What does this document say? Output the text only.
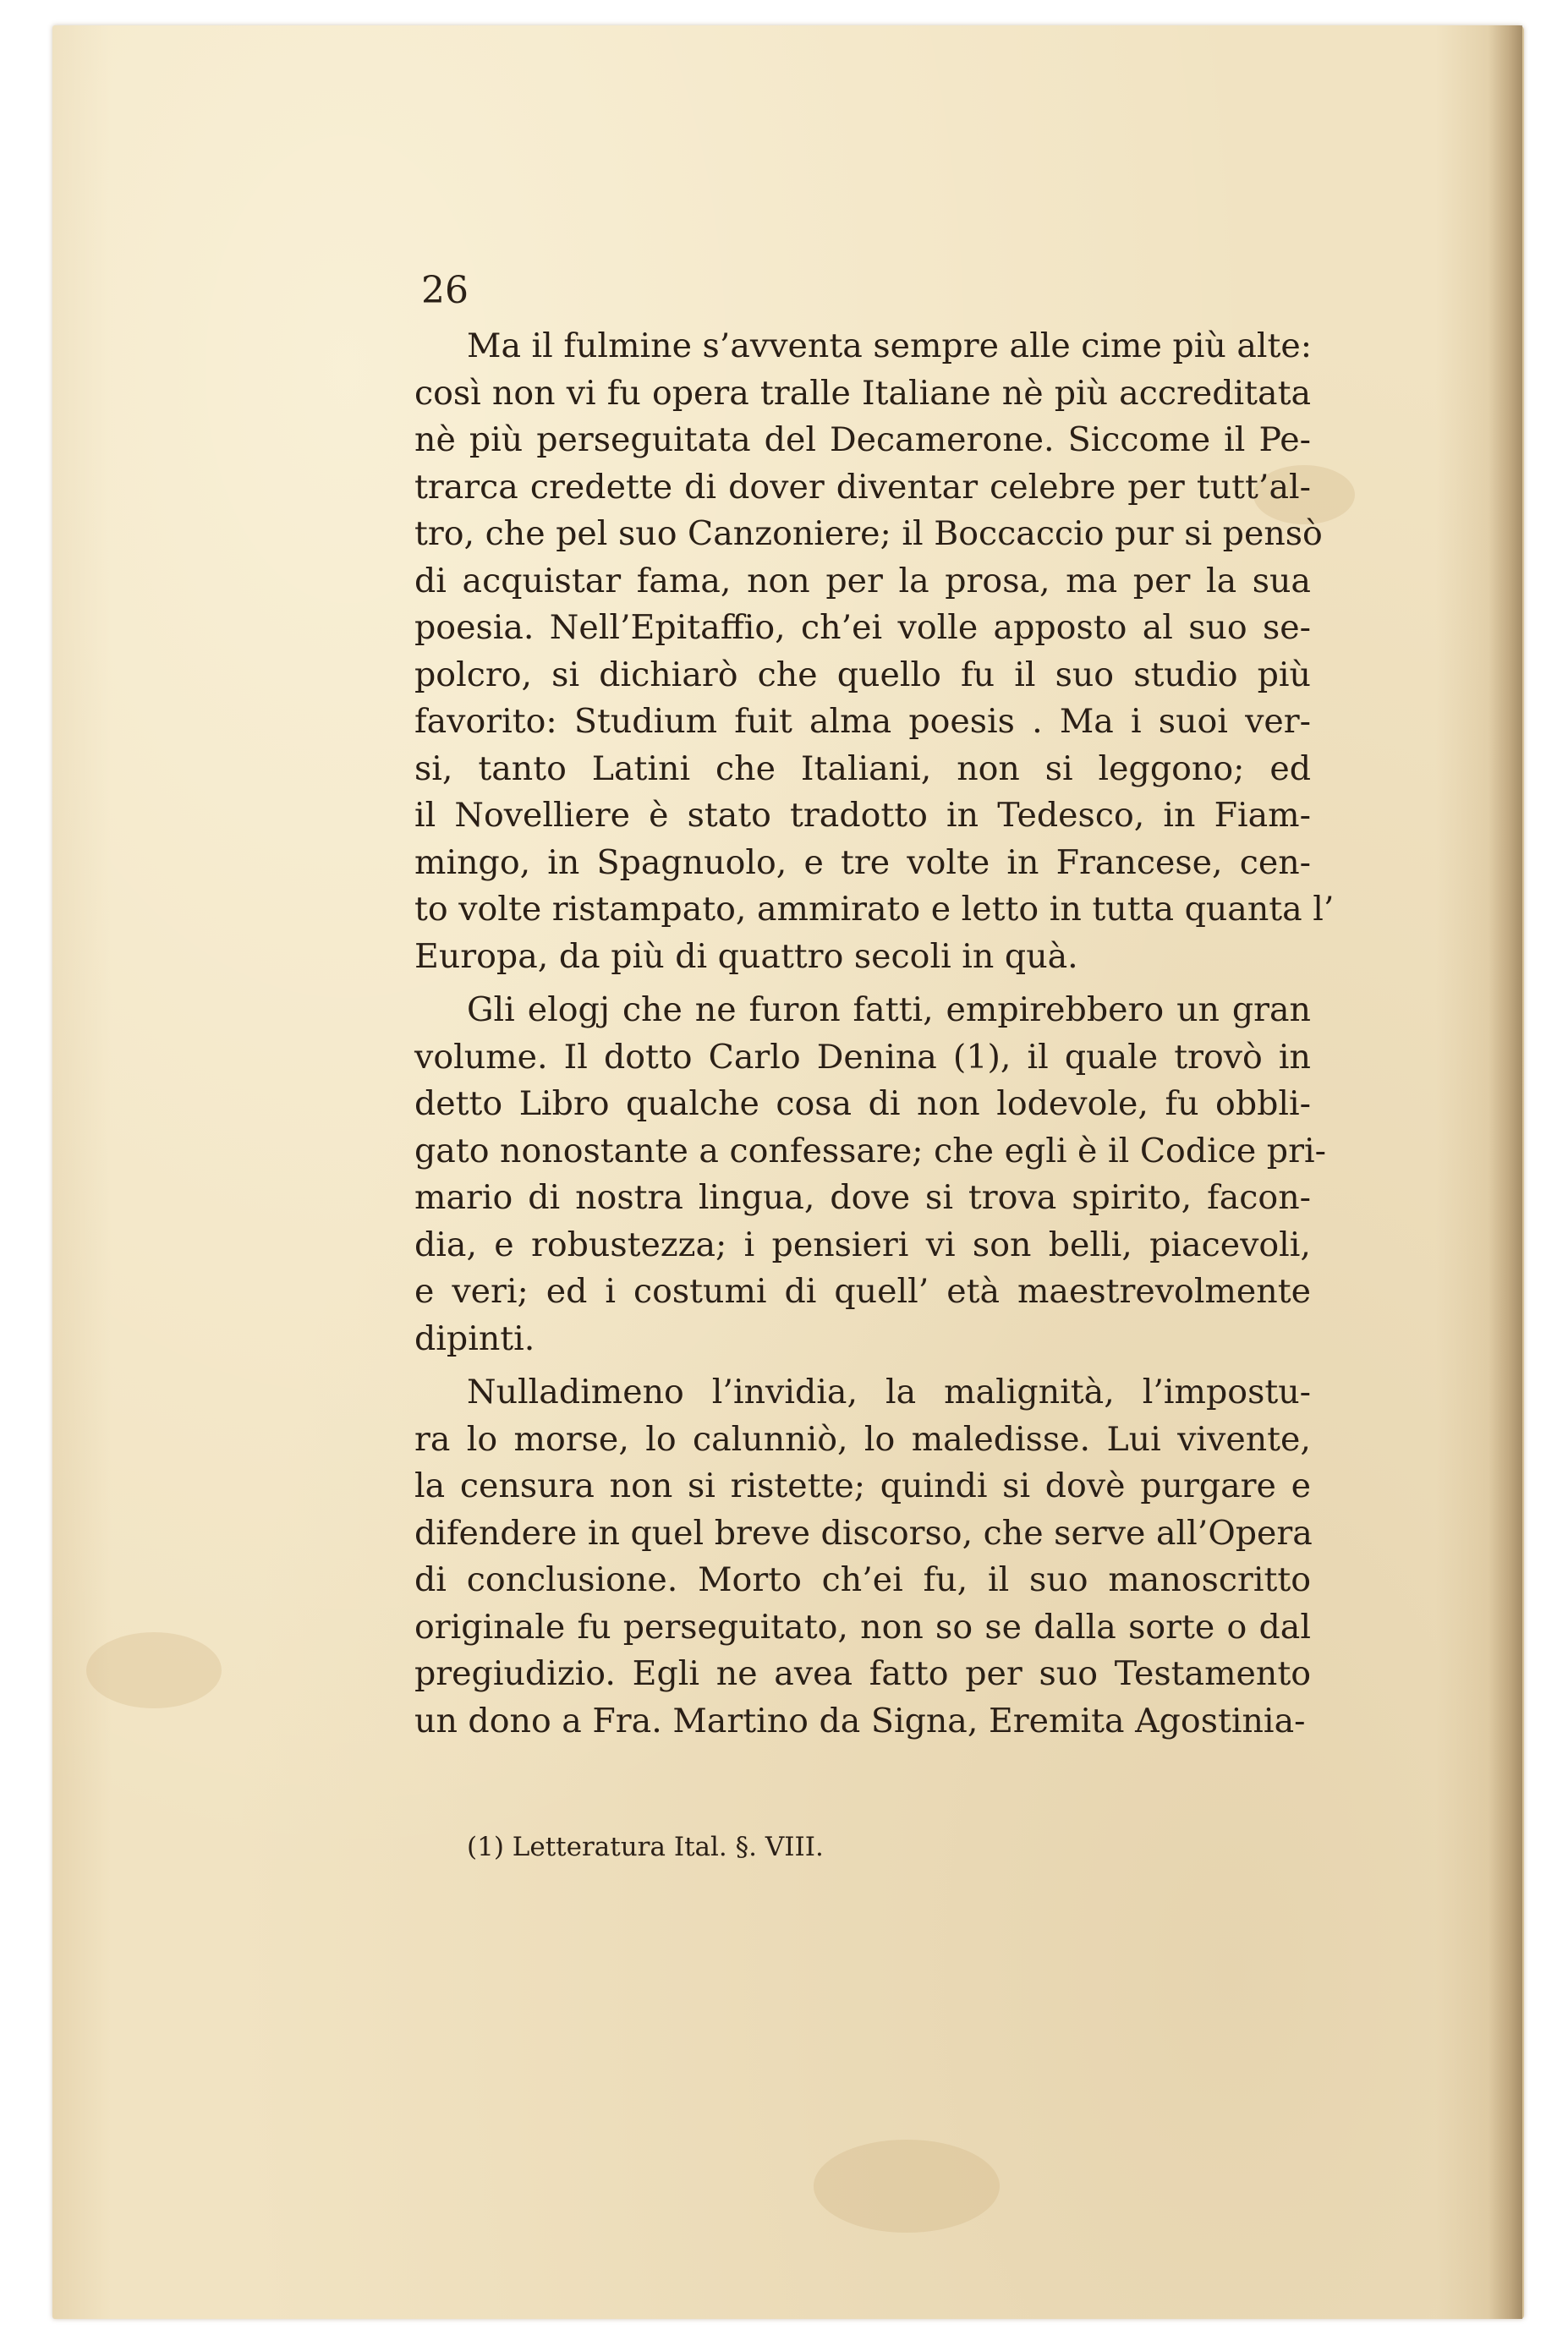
26
Ma il fulmine s’avventa sempre alle cime più alte:
così non vi fu opera tralle Italiane nè più accreditata
nè più perseguitata del Decamerone. Siccome il Pe-
trarca credette di dover diventar celebre per tutt’al-
tro, che pel suo Canzoniere; il Boccaccio pur si pensò
di acquistar fama, non per la prosa, ma per la sua
poesia. Nell’Epitaffio, ch’ei volle apposto al suo se-
polcro, si dichiarò che quello fu il suo studio più
favorito: Studium fuit alma poesis . Ma i suoi ver-
si, tanto Latini che Italiani, non si leggono; ed
il Novelliere è stato tradotto in Tedesco, in Fiam-
mingo, in Spagnuolo, e tre volte in Francese, cen-
to volte ristampato, ammirato e letto in tutta quanta l’
Europa, da più di quattro secoli in quà.
Gli elogj che ne furon fatti, empirebbero un gran
volume. Il dotto Carlo Denina (1), il quale trovò in
detto Libro qualche cosa di non lodevole, fu obbli-
gato nonostante a confessare; che egli è il Codice pri-
mario di nostra lingua, dove si trova spirito, facon-
dia, e robustezza; i pensieri vi son belli, piacevoli,
e veri; ed i costumi di quell’ età maestrevolmente
dipinti.
Nulladimeno l’invidia, la malignità, l’impostu-
ra lo morse, lo calunniò, lo maledisse. Lui vivente,
la censura non si ristette; quindi si dovè purgare e
difendere in quel breve discorso, che serve all’Opera
di conclusione. Morto ch’ei fu, il suo manoscritto
originale fu perseguitato, non so se dalla sorte o dal
pregiudizio. Egli ne avea fatto per suo Testamento
un dono a Fra. Martino da Signa, Eremita Agostinia-
(1) Letteratura Ital. §. VIII.
